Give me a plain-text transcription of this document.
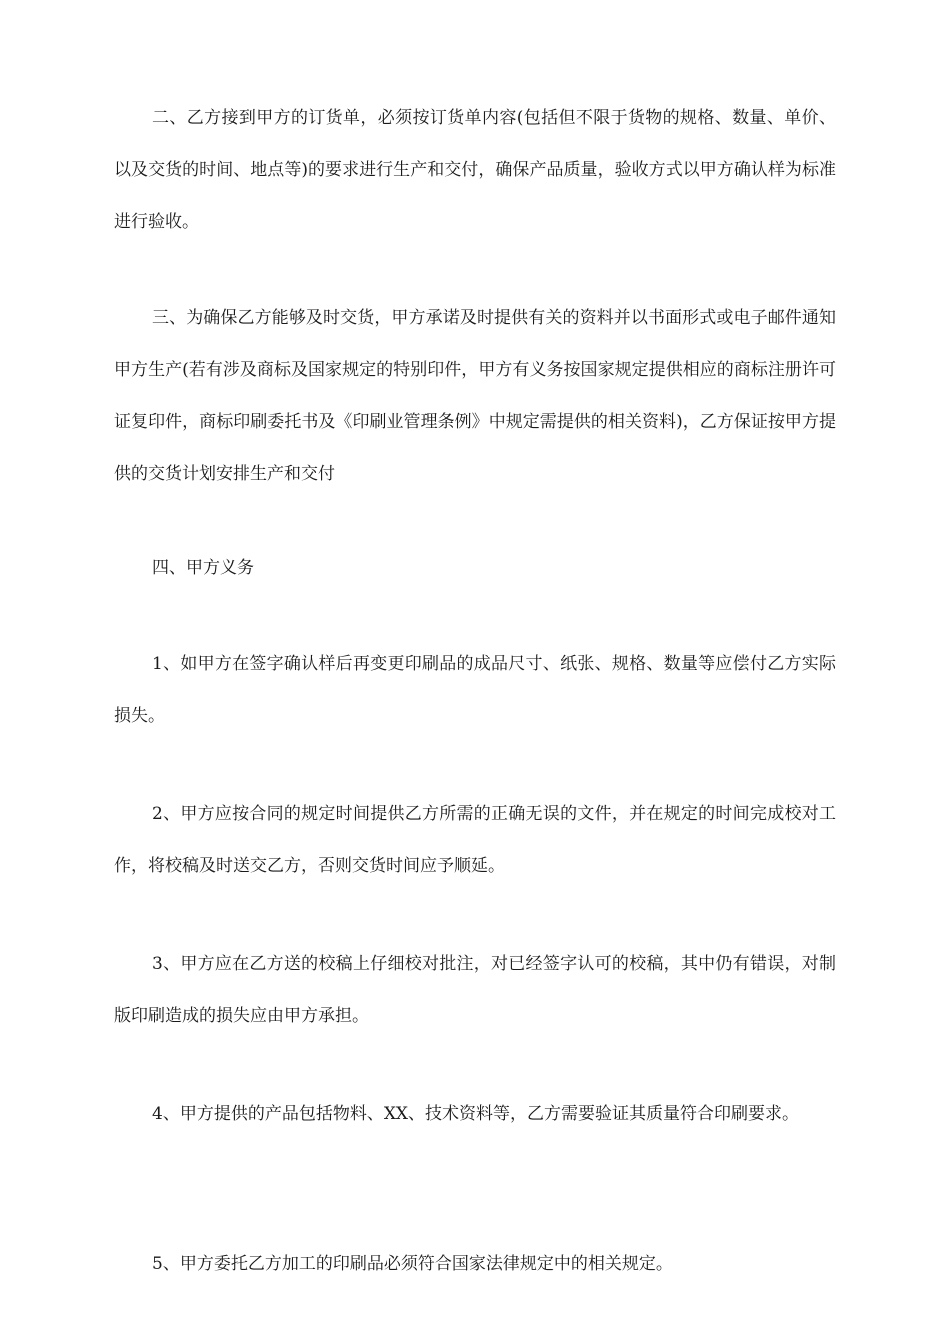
二、乙方接到甲方的订货单，必须按订货单内容(包括但不限于货物的规格、数量、单价、以及交货的时间、地点等)的要求进行生产和交付，确保产品质量，验收方式以甲方确认样为标准进行验收。

三、为确保乙方能够及时交货，甲方承诺及时提供有关的资料并以书面形式或电子邮件通知甲方生产(若有涉及商标及国家规定的特别印件，甲方有义务按国家规定提供相应的商标注册许可证复印件，商标印刷委托书及《印刷业管理条例》中规定需提供的相关资料)，乙方保证按甲方提供的交货计划安排生产和交付

四、甲方义务

1、如甲方在签字确认样后再变更印刷品的成品尺寸、纸张、规格、数量等应偿付乙方实际损失。

2、甲方应按合同的规定时间提供乙方所需的正确无误的文件，并在规定的时间完成校对工作，将校稿及时送交乙方，否则交货时间应予顺延。

3、甲方应在乙方送的校稿上仔细校对批注，对已经签字认可的校稿，其中仍有错误，对制版印刷造成的损失应由甲方承担。

4、甲方提供的产品包括物料、XX、技术资料等，乙方需要验证其质量符合印刷要求。

5、甲方委托乙方加工的印刷品必须符合国家法律规定中的相关规定。
